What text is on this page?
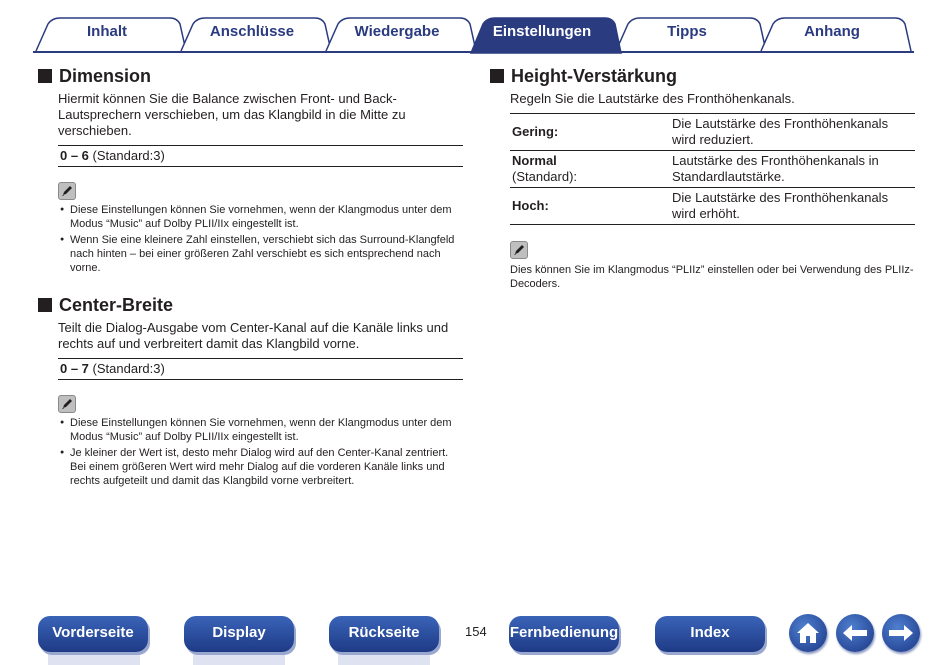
Inhalt	Anschlüsse	Wiedergabe	Einstellungen	Tipps	Anhang
Dimension

Hiermit können Sie die Balance zwischen Front- und Back-Lautsprechern verschieben, um das Klangbild in die Mitte zu verschieben.

0 – 6 (Standard:3)
● Diese Einstellungen können Sie vornehmen, wenn der Klangmodus unter dem Modus “Music” auf Dolby PLII/IIx eingestellt ist.
● Wenn Sie eine kleinere Zahl einstellen, verschiebt sich das Surround-Klangfeld nach hinten – bei einer größeren Zahl verschiebt es sich entsprechend nach vorne.
Center-Breite

Teilt die Dialog-Ausgabe vom Center-Kanal auf die Kanäle links und rechts auf und verbreitert damit das Klangbild vorne.

0 – 7 (Standard:3)
● Diese Einstellungen können Sie vornehmen, wenn der Klangmodus unter dem Modus “Music” auf Dolby PLII/IIx eingestellt ist.
● Je kleiner der Wert ist, desto mehr Dialog wird auf den Center-Kanal zentriert. Bei einem größeren Wert wird mehr Dialog auf die vorderen Kanäle links und rechts aufgeteilt und damit das Klangbild vorne verbreitert.
Height-Verstärkung

Regeln Sie die Lautstärke des Fronthöhenkanals.

Gering:
Die Lautstärke des Fronthöhenkanals wird reduziert.
Normal
(Standard):
Lautstärke des Fronthöhenkanals in Standardlautstärke.
Hoch:
Die Lautstärke des Fronthöhenkanals wird erhöht.

Dies können Sie im Klangmodus “PLIIz” einstellen oder bei Verwendung des PLIIz-Decoders.

Vorderseite	Display	Rückseite	154 Fernbedienung	Index
